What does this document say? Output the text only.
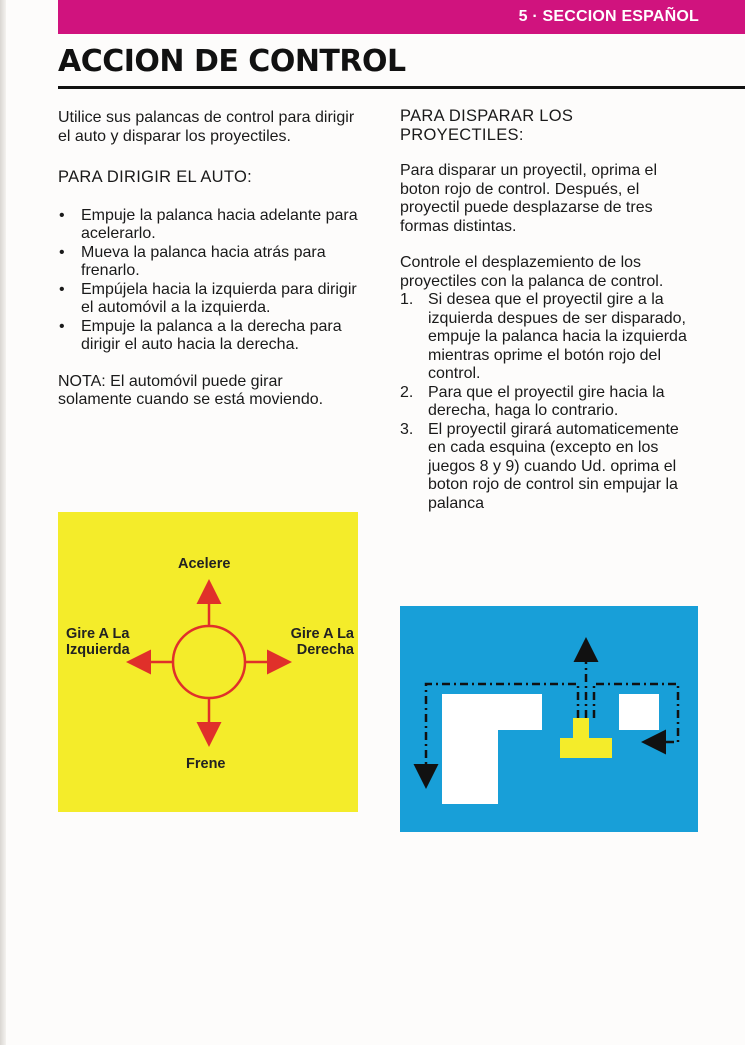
5 · SECCION ESPAÑOL
ACCION DE CONTROL

Utilice sus palancas de control para dirigir el auto y disparar los proyectiles.

PARA DIRIGIR EL AUTO:

• Empuje la palanca hacia adelante para acelerarlo.
• Mueva la palanca hacia atrás para frenarlo.
• Empújela hacia la izquierda para dirigir el automóvil a la izquierda.
• Empuje la palanca a la derecha para dirigir el auto hacia la derecha.

NOTA: El automóvil puede girar solamente cuando se está moviendo.

PARA DISPARAR LOS PROYECTILES:

Para disparar un proyectil, oprima el boton rojo de control. Después, el proyectil puede desplazarse de tres formas distintas.

Controle el desplazemiento de los proyectiles con la palanca de control.

1. Si desea que el proyectil gire a la izquierda despues de ser disparado, empuje la palanca hacia la izquierda mientras oprime el botón rojo del control.
2. Para que el proyectil gire hacia la derecha, haga lo contrario.
3. El proyectil girará automaticemente en cada esquina (excepto en los juegos 8 y 9) cuando Ud. oprima el boton rojo de control sin empujar la palanca
Acelere
Gire A La Izquierda
Gire A La Derecha
Frene
